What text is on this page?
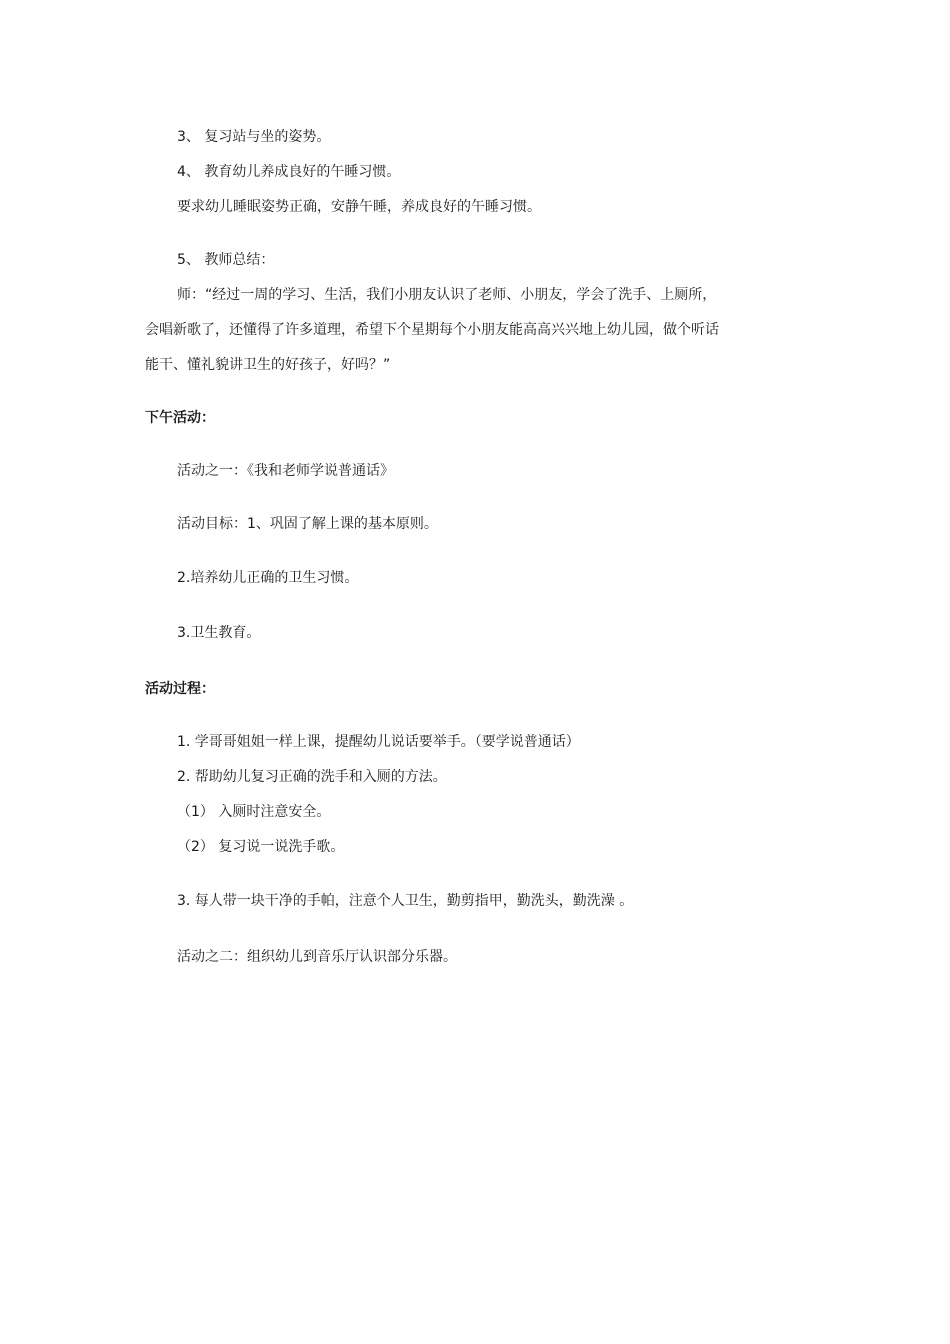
3、 复习站与坐的姿势。
4、 教育幼儿养成良好的午睡习惯。
要求幼儿睡眠姿势正确，安静午睡，养成良好的午睡习惯。
5、 教师总结：
师：“经过一周的学习、生活，我们小朋友认识了老师、小朋友，学会了洗手、上厕所，
会唱新歌了，还懂得了许多道理，希望下个星期每个小朋友能高高兴兴地上幼儿园，做个听话
能干、懂礼貌讲卫生的好孩子，好吗？”
下午活动：
活动之一：《我和老师学说普通话》
活动目标：1、巩固了解上课的基本原则。
2.培养幼儿正确的卫生习惯。
3.卫生教育。
活动过程：
1. 学哥哥姐姐一样上课，提醒幼儿说话要举手。（要学说普通话）
2. 帮助幼儿复习正确的洗手和入厕的方法。
（1） 入厕时注意安全。
（2） 复习说一说洗手歌。
3. 每人带一块干净的手帕，注意个人卫生，勤剪指甲，勤洗头，勤洗澡 。
活动之二：组织幼儿到音乐厅认识部分乐器。
